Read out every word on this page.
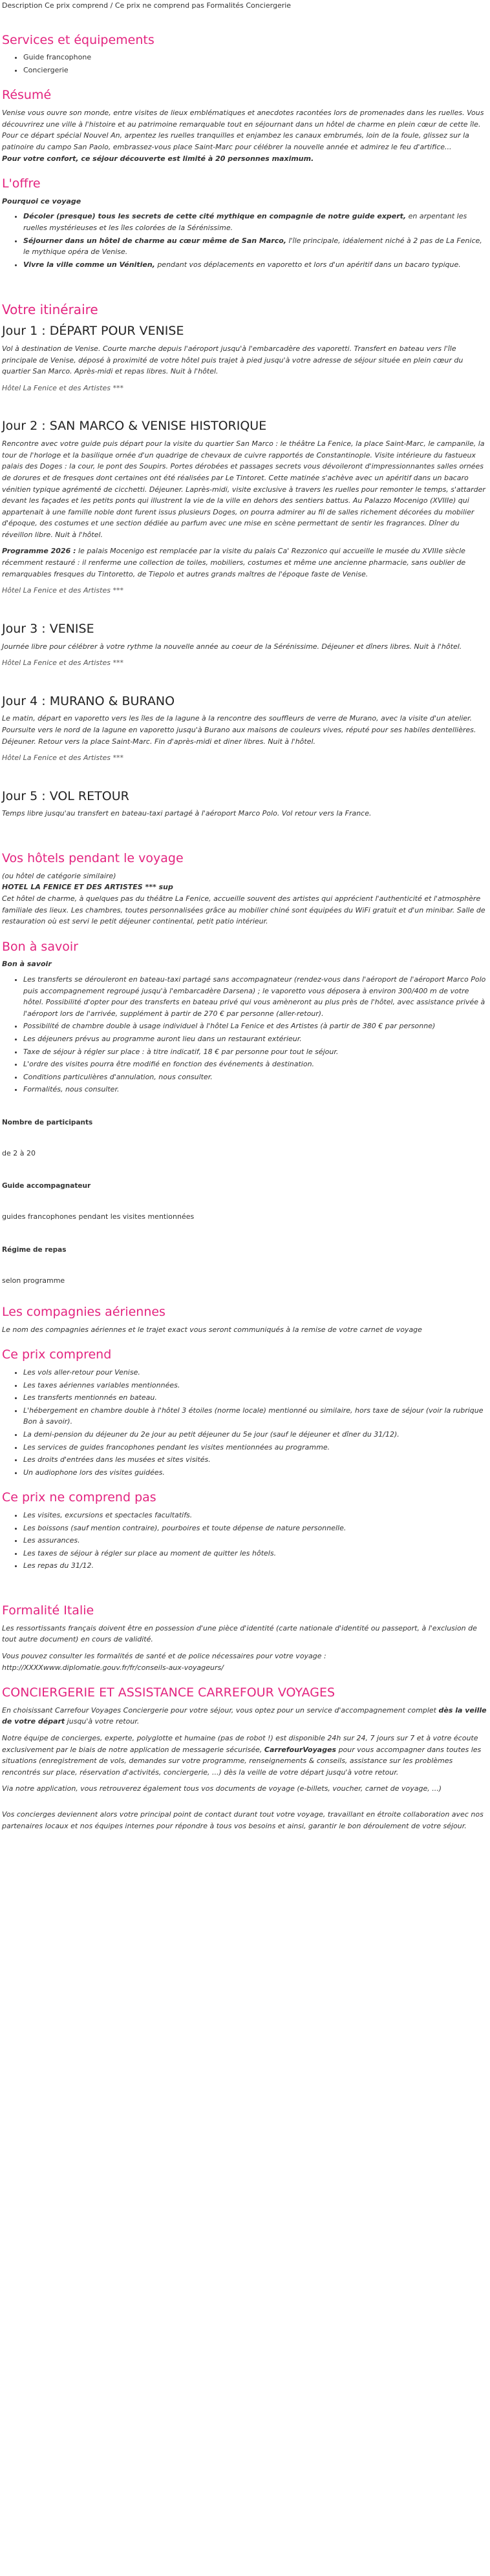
Description Ce prix comprend / Ce prix ne comprend pas Formalités Conciergerie
Services et équipements
• Guide francophone
• Conciergerie
Résumé

Venise vous ouvre son monde, entre visites de lieux emblématiques et anecdotes racontées lors de promenades dans les ruelles. Vous découvrirez une ville à l'histoire et au patrimoine remarquable tout en séjournant dans un hôtel de charme en plein cœur de cette île.

Pour ce départ spécial Nouvel An, arpentez les ruelles tranquilles et enjambez les canaux embrumés, loin de la foule, glissez sur la patinoire du campo San Paolo, embrassez-vous place Saint-Marc pour célébrer la nouvelle année et admirez le feu d'artifice...

Pour votre confort, ce séjour découverte est limité à 20 personnes maximum.

L'offre
Pourquoi ce voyage
• Décoler (presque) tous les secrets de cette cité mythique en compagnie de notre guide expert, en arpentant les ruelles mystérieuses et les îles colorées de la Sérénissime.
• Séjourner dans un hôtel de charme au cœur même de San Marco, l'île principale, idéalement niché à 2 pas de La Fenice, le mythique opéra de Venise.
• Vivre la ville comme un Vénitien, pendant vos déplacements en vaporetto et lors d'un apéritif dans un bacaro typique.
Votre itinéraire
Jour 1 : DÉPART POUR VENISE

Vol à destination de Venise. Courte marche depuis l'aéroport jusqu'à l'embarcadère des vaporetti. Transfert en bateau vers l'île principale de Venise, déposé à proximité de votre hôtel puis trajet à pied jusqu'à votre adresse de séjour située en plein cœur du quartier San Marco. Après-midi et repas libres. Nuit à l'hôtel.

Hôtel La Fenice et des Artistes ***

Jour 2 : SAN MARCO & VENISE HISTORIQUE

Rencontre avec votre guide puis départ pour la visite du quartier San Marco : le théâtre La Fenice, la place Saint-Marc, le campanile, la tour de l'horloge et la basilique ornée d'un quadrige de chevaux de cuivre rapportés de Constantinople. Visite intérieure du fastueux palais des Doges : la cour, le pont des Soupirs. Portes dérobées et passages secrets vous dévoileront d'impressionnantes salles ornées de dorures et de fresques dont certaines ont été réalisées par Le Tintoret. Cette matinée s'achève avec un apéritif dans un bacaro vénitien typique agrémenté de cicchetti. Déjeuner. Laprès-midi, visite exclusive à travers les ruelles pour remonter le temps, s'attarder devant les façades et les petits ponts qui illustrent la vie de la ville en dehors des sentiers battus. Au Palazzo Mocenigo (XVIIIe) qui appartenait à une famille noble dont furent issus plusieurs Doges, on pourra admirer au fil de salles richement décorées du mobilier d'époque, des costumes et une section dédiée au parfum avec une mise en scène permettant de sentir les fragrances. Dîner du réveillon libre. Nuit à l'hôtel.

Programme 2026 : le palais Mocenigo est remplacée par la visite du palais Ca' Rezzonico qui accueille le musée du XVIIIe siècle récemment restauré : il renferme une collection de toiles, mobiliers, costumes et même une ancienne pharmacie, sans oublier de remarquables fresques du Tintoretto, de Tiepolo et autres grands maîtres de l'époque faste de Venise.

Hôtel La Fenice et des Artistes ***

Jour 3 : VENISE

Journée libre pour célébrer à votre rythme la nouvelle année au coeur de la Sérénissime. Déjeuner et dîners libres. Nuit à l'hôtel.

Hôtel La Fenice et des Artistes ***

Jour 4 : MURANO & BURANO

Le matin, départ en vaporetto vers les îles de la lagune à la rencontre des souffleurs de verre de Murano, avec la visite d'un atelier. Poursuite vers le nord de la lagune en vaporetto jusqu'à Burano aux maisons de couleurs vives, réputé pour ses habiles dentellières. Déjeuner. Retour vers la place Saint-Marc. Fin d'après-midi et diner libres. Nuit à l'hôtel.

Hôtel La Fenice et des Artistes ***

Jour 5 : VOL RETOUR

Temps libre jusqu'au transfert en bateau-taxi partagé à l'aéroport Marco Polo. Vol retour vers la France.

Vos hôtels pendant le voyage

(ou hôtel de catégorie similaire)

HOTEL LA FENICE ET DES ARTISTES *** sup

Cet hôtel de charme, à quelques pas du théâtre La Fenice, accueille souvent des artistes qui apprécient l'authenticité et l'atmosphère familiale des lieux. Les chambres, toutes personnalisées grâce au mobilier chiné sont équipées du WiFi gratuit et d'un minibar. Salle de restauration où est servi le petit déjeuner continental, petit patio intérieur.

Bon à savoir
Bon à savoir
• Les transferts se dérouleront en bateau-taxi partagé sans accompagnateur (rendez-vous dans l'aéroport de l'aéroport Marco Polo puis accompagnement regroupé jusqu'à l'embarcadère Darsena) ; le vaporetto vous déposera à environ 300/400 m de votre hôtel. Possibilité d'opter pour des transferts en bateau privé qui vous amèneront au plus près de l'hôtel, avec assistance privée à l'aéroport lors de l'arrivée, supplément à partir de 270 € par personne (aller-retour).
• Possibilité de chambre double à usage individuel à l'hôtel La Fenice et des Artistes (à partir de 380 € par personne)
• Les déjeuners prévus au programme auront lieu dans un restaurant extérieur.
• Taxe de séjour à régler sur place : à titre indicatif, 18 € par personne pour tout le séjour.
• L'ordre des visites pourra être modifié en fonction des événements à destination.
• Conditions particulières d'annulation, nous consulter.
• Formalités, nous consulter.
Nombre de participants
de 2 à 20
Guide accompagnateur
guides francophones pendant les visites mentionnées
Régime de repas
selon programme
Les compagnies aériennes

Le nom des compagnies aériennes et le trajet exact vous seront communiqués à la remise de votre carnet de voyage

Ce prix comprend
• Les vols aller-retour pour Venise.
• Les taxes aériennes variables mentionnées.
• Les transferts mentionnés en bateau.
• L'hébergement en chambre double à l'hôtel 3 étoiles (norme locale) mentionné ou similaire, hors taxe de séjour (voir la rubrique Bon à savoir).
• La demi-pension du déjeuner du 2e jour au petit déjeuner du 5e jour (sauf le déjeuner et dîner du 31/12).
• Les services de guides francophones pendant les visites mentionnées au programme.
• Les droits d'entrées dans les musées et sites visités.
• Un audiophone lors des visites guidées.
Ce prix ne comprend pas
• Les visites, excursions et spectacles facultatifs.
• Les boissons (sauf mention contraire), pourboires et toute dépense de nature personnelle.
• Les assurances.
• Les taxes de séjour à régler sur place au moment de quitter les hôtels.
• Les repas du 31/12.
Formalité Italie

Les ressortissants français doivent être en possession d'une pièce d'identité (carte nationale d'identité ou passeport, à l'exclusion de tout autre document) en cours de validité.

Vous pouvez consulter les formalités de santé et de police nécessaires pour votre voyage : http://XXXXwww.diplomatie.gouv.fr/fr/conseils-aux-voyageurs/

CONCIERGERIE ET ASSISTANCE CARREFOUR VOYAGES

En choisissant Carrefour Voyages Conciergerie pour votre séjour, vous optez pour un service d'accompagnement complet dès la veille de votre départ jusqu'à votre retour.

Notre équipe de concierges, experte, polyglotte et humaine (pas de robot !) est disponible 24h sur 24, 7 jours sur 7 et à votre écoute exclusivement par le biais de notre application de messagerie sécurisée, CarrefourVoyages pour vous accompagner dans toutes les situations (enregistrement de vols, demandes sur votre programme, renseignements & conseils, assistance sur les problèmes rencontrés sur place, réservation d'activités, conciergerie, ...) dès la veille de votre départ jusqu'à votre retour.

Via notre application, vous retrouverez également tous vos documents de voyage (e-billets, voucher, carnet de voyage, ...)

Vos concierges deviennent alors votre principal point de contact durant tout votre voyage, travaillant en étroite collaboration avec nos partenaires locaux et nos équipes internes pour répondre à tous vos besoins et ainsi, garantir le bon déroulement de votre séjour.
